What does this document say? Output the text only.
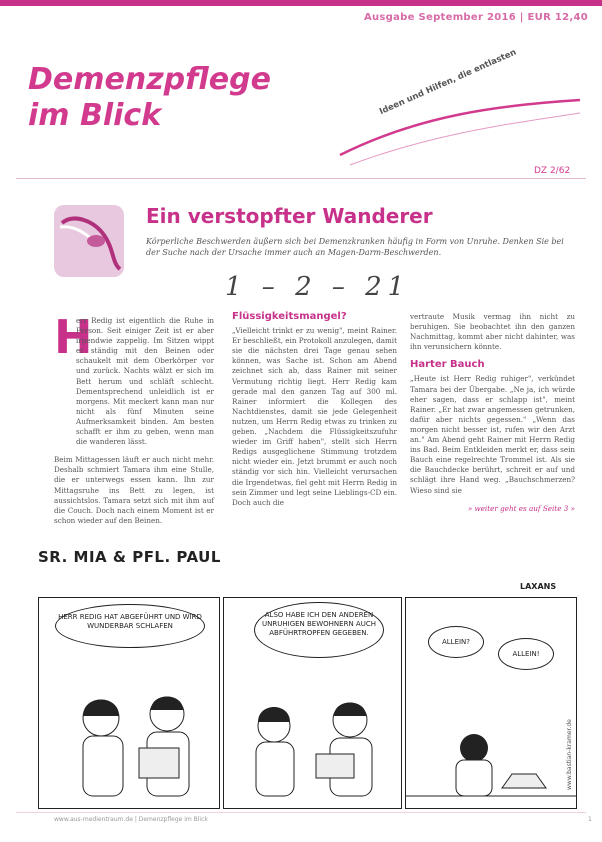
Ausgabe September 2016 | EUR 12,40
Demenzpflege
im Blick	Ideen und Hilfen, die entlasten
DZ 2/62
Ein verstopfter Wanderer
Körperliche Beschwerden äußern sich bei Demenzkranken häufig in Form von Unruhe. Denken Sie bei der Suche nach der Ursache immer auch an Magen-Darm-Beschwerden.
1 – 2 – 21
H

err Redig ist eigentlich die Ruhe in Person. Seit einiger Zeit ist er aber irgendwie zappelig. Im Sitzen wippt er ständig mit den Beinen oder schaukelt mit dem Oberkörper vor und zurück. Nachts wälzt er sich im Bett herum und schläft schlecht. Dementsprechend unleidlich ist er morgens. Mit meckert kann man nur nicht als fünf Minuten seine Aufmerksamkeit binden. Am besten schafft er ihm zu geben, wenn man die wanderen lässt.

Beim Mittagessen läuft er auch nicht mehr. Deshalb schmiert Tamara ihm eine Stulle, die er unterwegs essen kann. Ihn zur Mittagsruhe ins Bett zu legen, ist aussichtslos. Tamara setzt sich mit ihm auf die Couch. Doch nach einem Moment ist er schon wieder auf den Beinen.

Flüssigkeitsmangel?

„Vielleicht trinkt er zu wenig", meint Rainer. Er beschließt, ein Protokoll anzulegen, damit sie die nächsten drei Tage genau sehen können, was Sache ist. Schon am Abend zeichnet sich ab, dass Rainer mit seiner Vermutung richtig liegt. Herr Redig kam gerade mal den ganzen Tag auf 300 ml. Rainer informiert die Kollegen des Nachtdienstes, damit sie jede Gelegenheit nutzen, um Herrn Redig etwas zu trinken zu geben. „Nachdem die Flüssigkeitszufuhr wieder im Griff haben", stellt sich Herrn Redigs ausgeglichene Stimmung trotzdem nicht wieder ein. Jetzt brummt er auch noch ständig vor sich hin. Vielleicht verursachen die Irgendetwas, fiel geht mit Herrn Redig in sein Zimmer und legt seine Lieblings-CD ein. Doch auch die

vertraute Musik vermag ihn nicht zu beruhigen. Sie beobachtet ihn den ganzen Nachmittag, kommt aber nicht dahinter, was ihn verunsichern könnte.

Harter Bauch

„Heute ist Herr Redig ruhiger", verkündet Tamara bei der Übergabe. „Ne ja, ich würde eher sagen, dass er schlapp ist", meint Rainer. „Er hat zwar angemessen getrunken, dafür aber nichts gegessen." „Wenn das morgen nicht besser ist, rufen wir den Arzt an." Am Abend geht Rainer mit Herrn Redig ins Bad. Beim Entkleiden merkt er, dass sein Bauch eine regelrechte Trommel ist. Als sie die Bauchdecke berührt, schreit er auf und schlägt ihre Hand weg. „Bauchschmerzen? Wieso sind sie

» weiter geht es auf Seite 3 »
SR. MIA & PFL. PAUL
LAXANS
HERR REDIG HAT ABGEFÜHRT UND WIRD WUNDERBAR SCHLAFEN
ALSO HABE ICH DEN ANDEREN UNRUHIGEN BEWOHNERN AUCH ABFÜHRTROPFEN GEGEBEN.
ALLEIN?
ALLEIN!
www.bastian-kramer.de
www.aus-medientraum.de | Demenzpflege im Blick	1
